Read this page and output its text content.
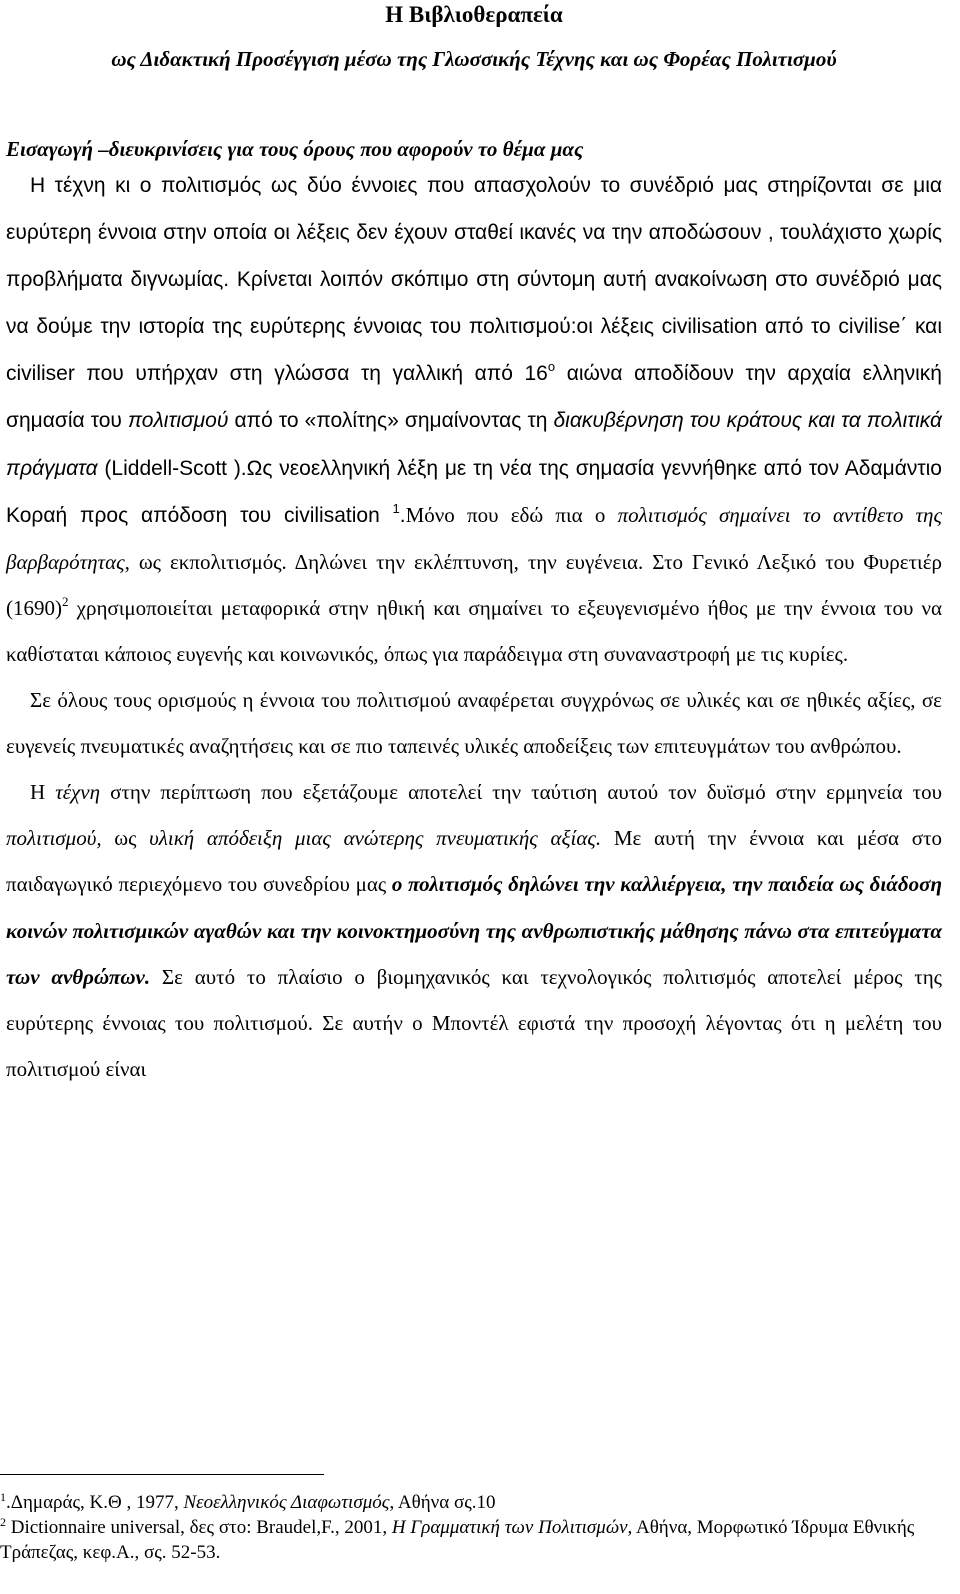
Η Βιβλιοθεραπεία

ως Διδακτική Προσέγγιση μέσω της Γλωσσικής Τέχνης και ως Φορέας Πολιτισμού

Εισαγωγή –διευκρινίσεις για τους όρους που αφορούν το θέμα μας

Η τέχνη κι ο πολιτισμός ως δύο έννοιες που απασχολούν το συνέδριό μας στηρίζονται σε μια ευρύτερη έννοια στην οποία οι λέξεις δεν έχουν σταθεί ικανές να την αποδώσουν , τουλάχιστο χωρίς προβλήματα διγνωμίας. Κρίνεται λοιπόν σκόπιμο στη σύντομη αυτή ανακοίνωση στο συνέδριό μας να δούμε την ιστορία της ευρύτερης έννοιας του πολιτισμού:οι λέξεις civilisation από το civilise΄ και civiliser που υπήρχαν στη γλώσσα τη γαλλική από $16^o$ αιώνα αποδίδουν την αρχαία ελληνική σημασία του πολιτισμού από το «πολίτης» σημαίνοντας τη διακυβέρνηση του κράτους και τα πολιτικά πράγματα (Liddell-Scott ).Ως νεοελληνική λέξη με τη νέα της σημασία γεννήθηκε από τον Αδαμάντιο Κοραή προς απόδοση του civilisation $^1$.Μόνο που εδώ πια ο πολιτισμός σημαίνει το αντίθετο της βαρβαρότητας, ως εκπολιτισμός. Δηλώνει την εκλέπτυνση, την ευγένεια. Στο Γενικό Λεξικό του Φυρετιέρ $(1690)^2$ χρησιμοποιείται μεταφορικά στην ηθική και σημαίνει το εξευγενισμένο ήθος με την έννοια του να καθίσταται κάποιος ευγενής και κοινωνικός, όπως για παράδειγμα στη συναναστροφή με τις κυρίες.

Σε όλους τους ορισμούς η έννοια του πολιτισμού αναφέρεται συγχρόνως σε υλικές και σε ηθικές αξίες, σε ευγενείς πνευματικές αναζητήσεις και σε πιο ταπεινές υλικές αποδείξεις των επιτευγμάτων του ανθρώπου.

Η τέχνη στην περίπτωση που εξετάζουμε αποτελεί την ταύτιση αυτού τον δυϊσμό στην ερμηνεία του πολιτισμού, ως υλική απόδειξη μιας ανώτερης πνευματικής αξίας. Με αυτή την έννοια και μέσα στο παιδαγωγικό περιεχόμενο του συνεδρίου μας ο πολιτισμός δηλώνει την καλλιέργεια, την παιδεία ως διάδοση κοινών πολιτισμικών αγαθών και την κοινοκτημοσύνη της ανθρωπιστικής μάθησης πάνω στα επιτεύγματα των ανθρώπων. Σε αυτό το πλαίσιο ο βιομηχανικός και τεχνολογικός πολιτισμός αποτελεί μέρος της ευρύτερης έννοιας του πολιτισμού. Σε αυτήν ο Μποντέλ εφιστά την προσοχή λέγοντας ότι η μελέτη του πολιτισμού είναι

$^1$.Δημαράς, Κ.Θ , 1977, Νεοελληνικός Διαφωτισμός, Αθήνα σς.10

$^2$ Dictionnaire universal, δες στο: Braudel,F., 2001, Η Γραμματική των Πολιτισμών, Αθήνα, Μορφωτικό Ίδρυμα Εθνικής Τράπεζας, κεφ.Α., σς. 52-53.
